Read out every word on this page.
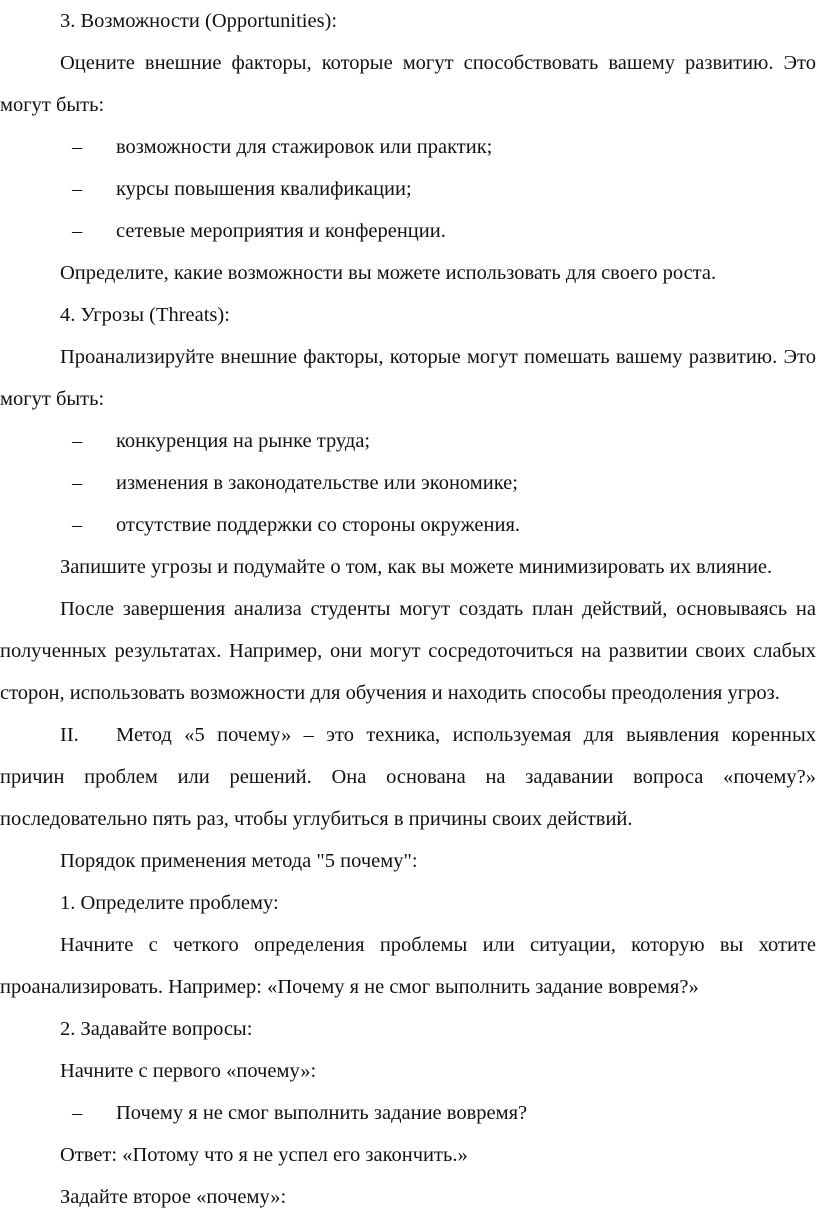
3. Возможности (Opportunities):

Оцените внешние факторы, которые могут способствовать вашему развитию. Это могут быть:

– возможности для стажировок или практик;
– курсы повышения квалификации;
– сетевые мероприятия и конференции.

Определите, какие возможности вы можете использовать для своего роста.

4. Угрозы (Threats):

Проанализируйте внешние факторы, которые могут помешать вашему развитию. Это могут быть:

– конкуренция на рынке труда;
– изменения в законодательстве или экономике;
– отсутствие поддержки со стороны окружения.

Запишите угрозы и подумайте о том, как вы можете минимизировать их влияние.

После завершения анализа студенты могут создать план действий, основываясь на полученных результатах. Например, они могут сосредоточиться на развитии своих слабых сторон, использовать возможности для обучения и находить способы преодоления угроз.

II. Метод «5 почему» – это техника, используемая для выявления коренных причин проблем или решений. Она основана на задавании вопроса «почему?» последовательно пять раз, чтобы углубиться в причины своих действий.

Порядок применения метода "5 почему":

1. Определите проблему:

Начните с четкого определения проблемы или ситуации, которую вы хотите проанализировать. Например: «Почему я не смог выполнить задание вовремя?»

2. Задавайте вопросы:

Начните с первого «почему»:

– Почему я не смог выполнить задание вовремя?

Ответ: «Потому что я не успел его закончить.»

Задайте второе «почему»:
